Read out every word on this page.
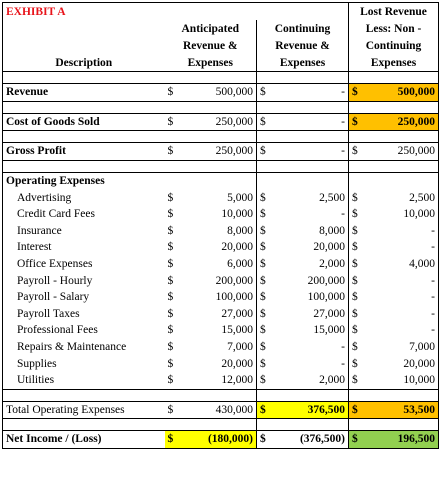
EXHIBIT A					Lost Revenue	
	Anticipated		Continuing		Less: Non -	
	Revenue &		Revenue &		Continuing	
Description	Expenses		Expenses		Expenses	

Revenue	$	500,000	$	-	$	500,000

Cost of Goods Sold	$	250,000	$	-	$	250,000

Gross Profit	$	250,000	$	-	$	250,000

Operating Expenses						
Advertising	$	5,000	$	2,500	$	2,500
Credit Card Fees	$	10,000	$	-	$	10,000
Insurance	$	8,000	$	8,000	$	-
Interest	$	20,000	$	20,000	$	-
Office Expenses	$	6,000	$	2,000	$	4,000
Payroll - Hourly	$	200,000	$	200,000	$	-
Payroll - Salary	$	100,000	$	100,000	$	-
Payroll Taxes	$	27,000	$	27,000	$	-
Professional Fees	$	15,000	$	15,000	$	-
Repairs & Maintenance	$	7,000	$	-	$	7,000
Supplies	$	20,000	$	-	$	20,000
Utilities	$	12,000	$	2,000	$	10,000

Total Operating Expenses	$	430,000	$	376,500	$	53,500

Net Income / (Loss)	$	(180,000)	$	(376,500)	$	196,500
